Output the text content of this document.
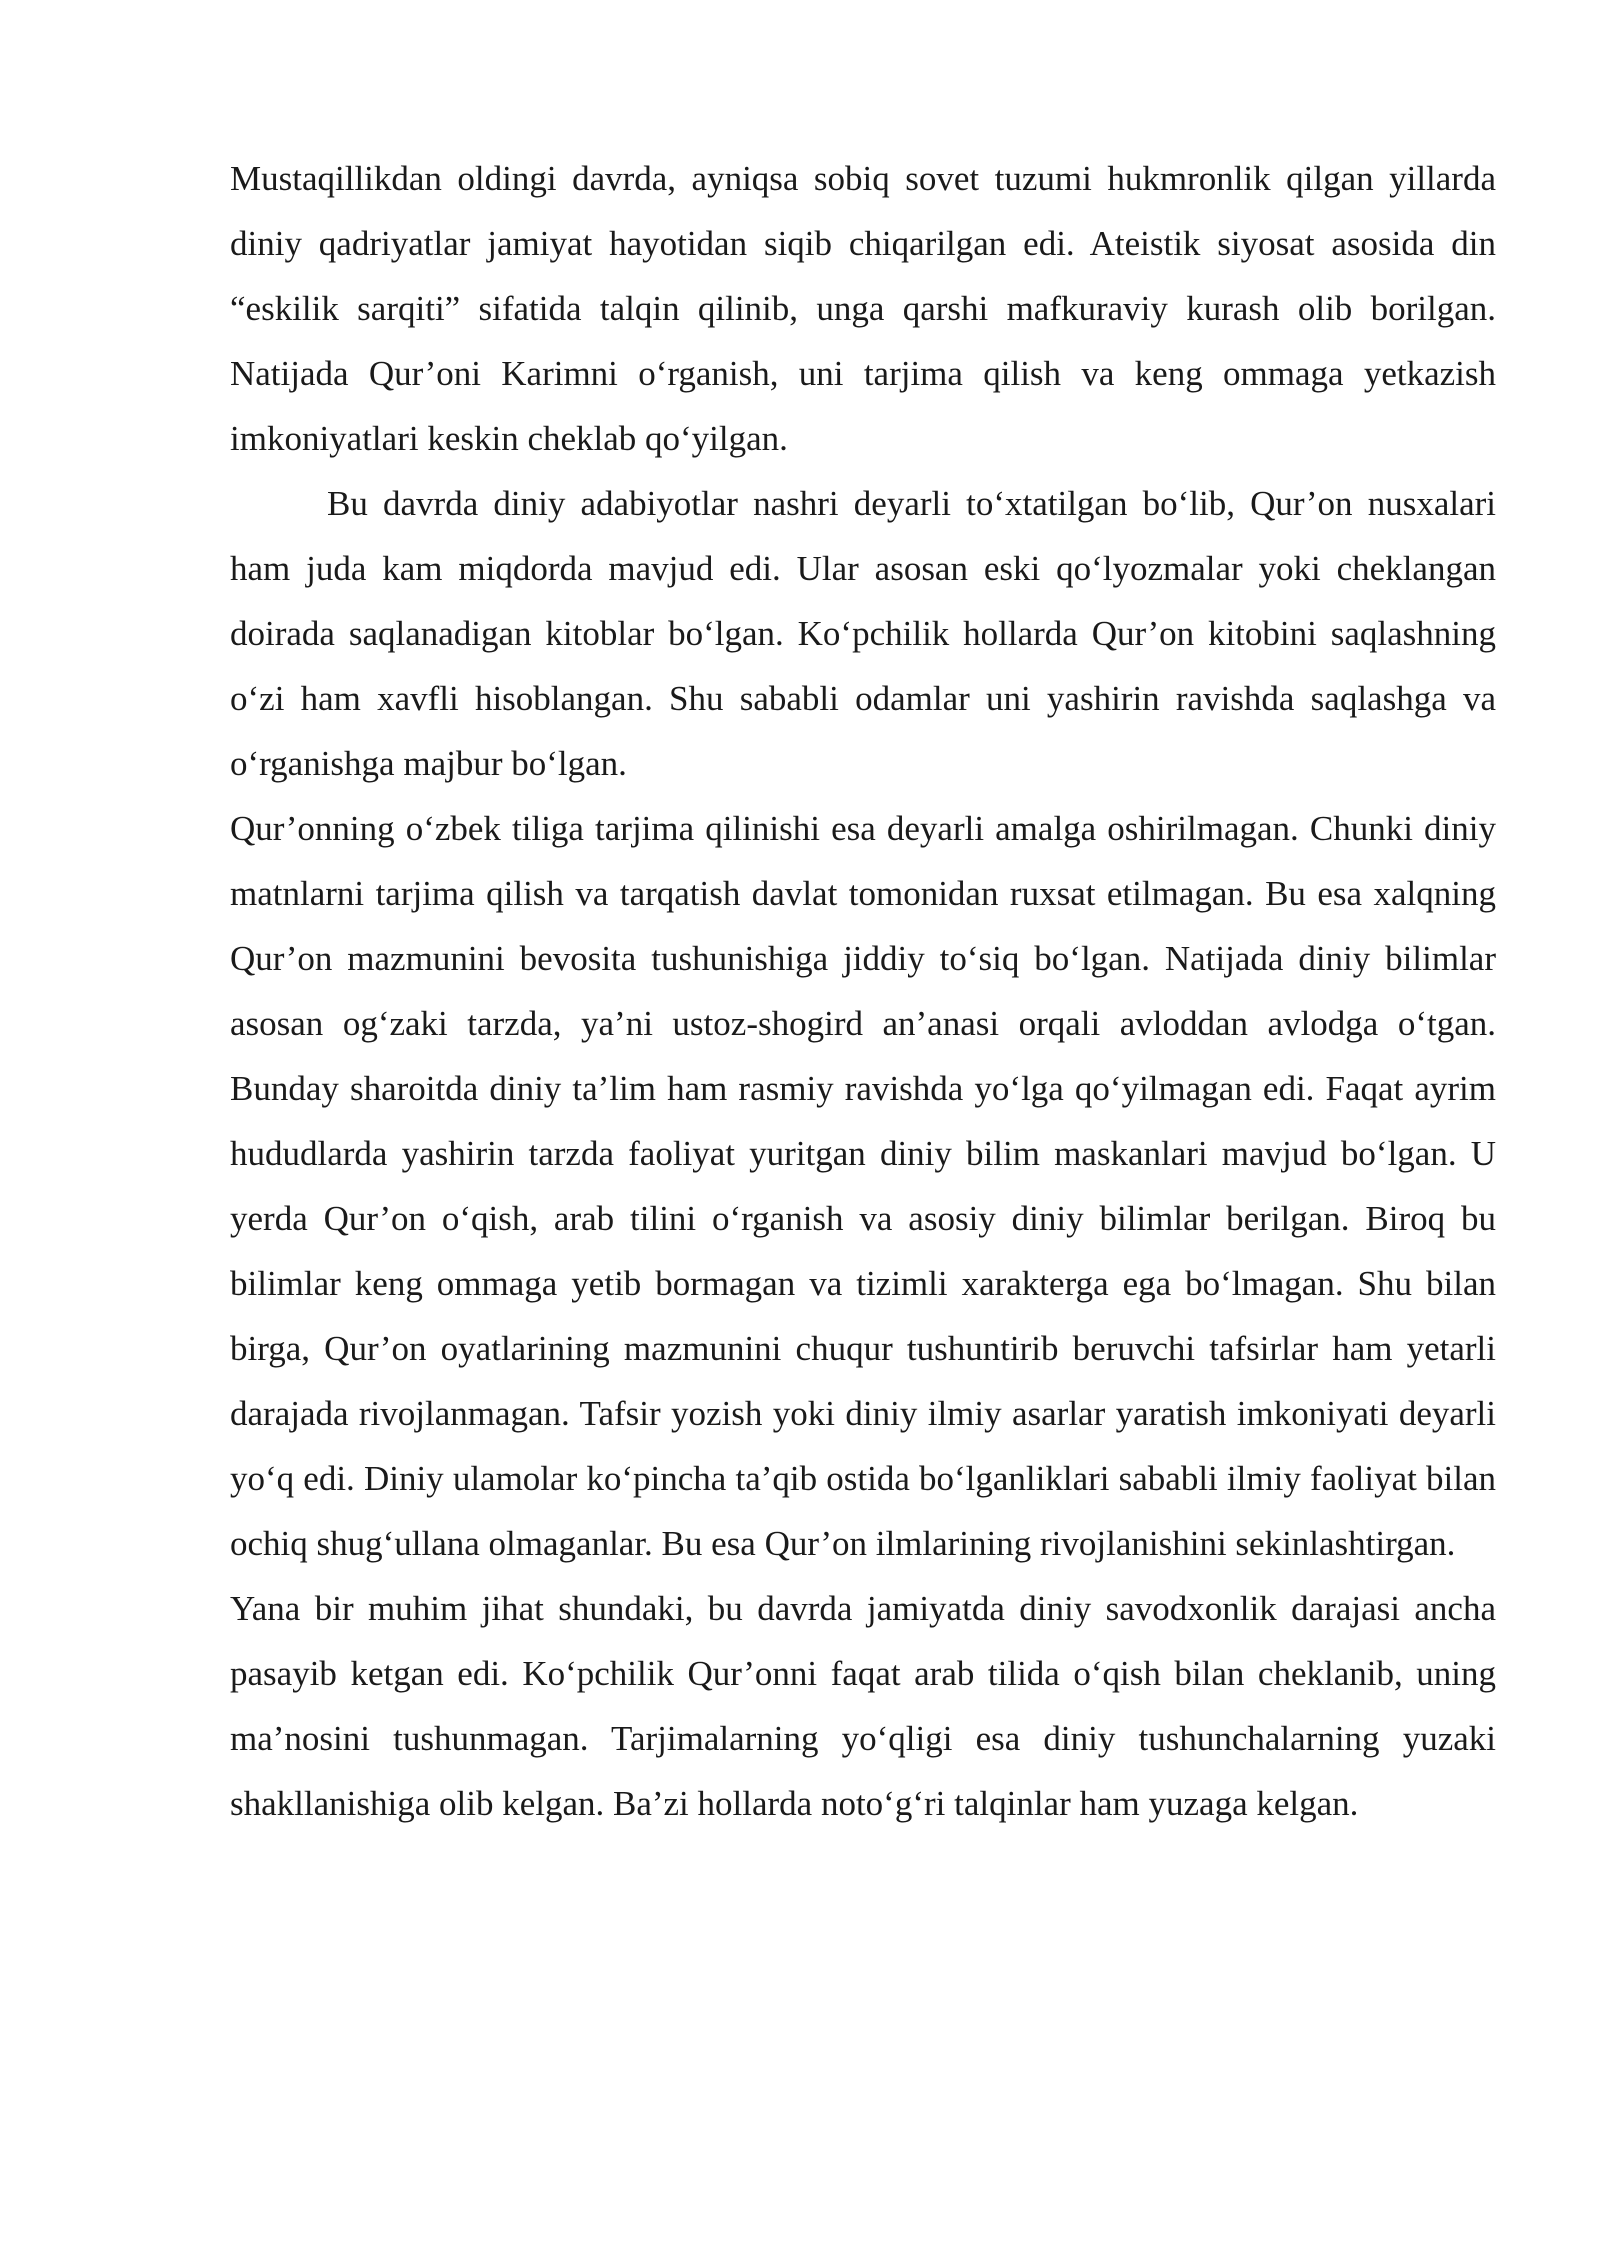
Mustaqillikdan oldingi davrda, ayniqsa sobiq sovet tuzumi hukmronlik qilgan yillarda diniy qadriyatlar jamiyat hayotidan siqib chiqarilgan edi. Ateistik siyosat asosida din “eskilik sarqiti” sifatida talqin qilinib, unga qarshi mafkuraviy kurash olib borilgan. Natijada Qur’oni Karimni o‘rganish, uni tarjima qilish va keng ommaga yetkazish imkoniyatlari keskin cheklab qo‘yilgan.

Bu davrda diniy adabiyotlar nashri deyarli to‘xtatilgan bo‘lib, Qur’on nusxalari ham juda kam miqdorda mavjud edi. Ular asosan eski qo‘lyozmalar yoki cheklangan doirada saqlanadigan kitoblar bo‘lgan. Ko‘pchilik hollarda Qur’on kitobini saqlashning o‘zi ham xavfli hisoblangan. Shu sababli odamlar uni yashirin ravishda saqlashga va o‘rganishga majbur bo‘lgan.

Qur’onning o‘zbek tiliga tarjima qilinishi esa deyarli amalga oshirilmagan. Chunki diniy matnlarni tarjima qilish va tarqatish davlat tomonidan ruxsat etilmagan. Bu esa xalqning Qur’on mazmunini bevosita tushunishiga jiddiy to‘siq bo‘lgan. Natijada diniy bilimlar asosan og‘zaki tarzda, ya’ni ustoz-shogird an’anasi orqali avloddan avlodga o‘tgan. Bunday sharoitda diniy ta’lim ham rasmiy ravishda yo‘lga qo‘yilmagan edi. Faqat ayrim hududlarda yashirin tarzda faoliyat yuritgan diniy bilim maskanlari mavjud bo‘lgan. U yerda Qur’on o‘qish, arab tilini o‘rganish va asosiy diniy bilimlar berilgan. Biroq bu bilimlar keng ommaga yetib bormagan va tizimli xarakterga ega bo‘lmagan. Shu bilan birga, Qur’on oyatlarining mazmunini chuqur tushuntirib beruvchi tafsirlar ham yetarli darajada rivojlanmagan. Tafsir yozish yoki diniy ilmiy asarlar yaratish imkoniyati deyarli yo‘q edi. Diniy ulamolar ko‘pincha ta’qib ostida bo‘lganliklari sababli ilmiy faoliyat bilan ochiq shug‘ullana olmaganlar. Bu esa Qur’on ilmlarining rivojlanishini sekinlashtirgan.

Yana bir muhim jihat shundaki, bu davrda jamiyatda diniy savodxonlik darajasi ancha pasayib ketgan edi. Ko‘pchilik Qur’onni faqat arab tilida o‘qish bilan cheklanib, uning ma’nosini tushunmagan. Tarjimalarning yo‘qligi esa diniy tushunchalarning yuzaki shakllanishiga olib kelgan. Ba’zi hollarda noto‘g‘ri talqinlar ham yuzaga kelgan.
